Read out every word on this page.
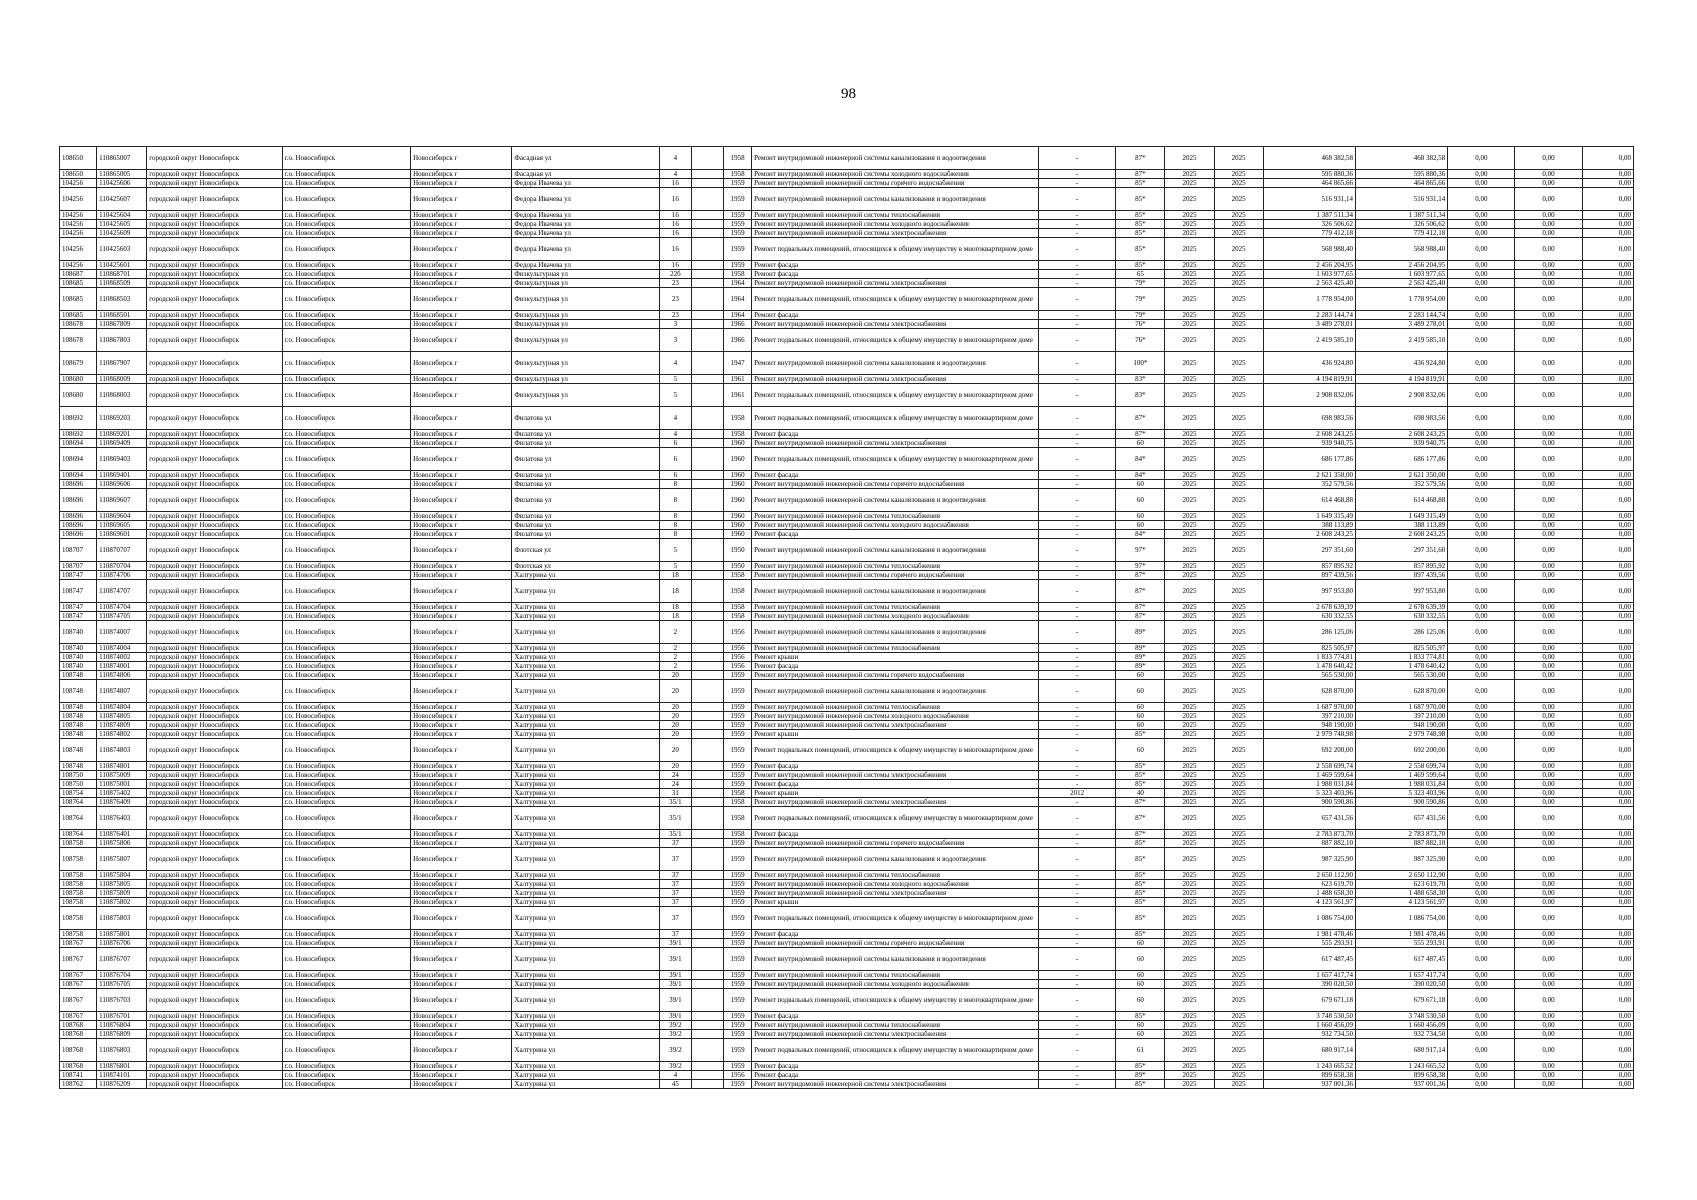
98
108650	110865007	городской округ Новосибирск	г.о. Новосибирск	Новосибирск г	Фасадная ул	4		1958	Ремонт внутридомовой инженерной системы канализования и водоотведения	-	87*	2025	2025	468 382,58	468 382,58	0,00	0,00	0,00
108650	110865005	городской округ Новосибирск	г.о. Новосибирск	Новосибирск г	Фасадная ул	4		1958	Ремонт внутридомовой инженерной системы холодного водоснабжения	-	87*	2025	2025	595 880,36	595 880,36	0,00	0,00	0,00
104256	110425606	городской округ Новосибирск	г.о. Новосибирск	Новосибирск г	Федора Ивачева ул	16		1959	Ремонт внутридомовой инженерной системы горячего водоснабжения	-	85*	2025	2025	464 865,66	464 865,66	0,00	0,00	0,00
104256	110425607	городской округ Новосибирск	г.о. Новосибирск	Новосибирск г	Федора Ивачева ул	16		1959	Ремонт внутридомовой инженерной системы канализования и водоотведения	-	85*	2025	2025	516 931,14	516 931,14	0,00	0,00	0,00
104256	110425604	городской округ Новосибирск	г.о. Новосибирск	Новосибирск г	Федора Ивачева ул	16		1959	Ремонт внутридомовой инженерной системы теплоснабжения	-	85*	2025	2025	1 387 511,34	1 387 511,34	0,00	0,00	0,00
104256	110425605	городской округ Новосибирск	г.о. Новосибирск	Новосибирск г	Федора Ивачева ул	16		1959	Ремонт внутридомовой инженерной системы холодного водоснабжения	-	85*	2025	2025	326 506,62	326 506,62	0,00	0,00	0,00
104256	110425609	городской округ Новосибирск	г.о. Новосибирск	Новосибирск г	Федора Ивачева ул	16		1959	Ремонт внутридомовой инженерной системы электроснабжения	-	85*	2025	2025	779 412,18	779 412,18	0,00	0,00	0,00
104256	110425603	городской округ Новосибирск	г.о. Новосибирск	Новосибирск г	Федора Ивачева ул	16		1959	Ремонт подвальных помещений, относящихся к общему имуществу в многоквартирном доме	-	85*	2025	2025	568 988,40	568 988,40	0,00	0,00	0,00
104256	110425601	городской округ Новосибирск	г.о. Новосибирск	Новосибирск г	Федора Ивачева ул	16		1959	Ремонт фасада	-	85*	2025	2025	2 456 204,95	2 456 204,95	0,00	0,00	0,00
108687	110868701	городской округ Новосибирск	г.о. Новосибирск	Новосибирск г	Физкультурная ул	22б		1958	Ремонт фасада	-	65	2025	2025	1 603 977,65	1 603 977,65	0,00	0,00	0,00
108685	110868509	городской округ Новосибирск	г.о. Новосибирск	Новосибирск г	Физкультурная ул	23		1964	Ремонт внутридомовой инженерной системы электроснабжения	-	79*	2025	2025	2 563 425,40	2 563 425,40	0,00	0,00	0,00
108685	110868503	городской округ Новосибирск	г.о. Новосибирск	Новосибирск г	Физкультурная ул	23		1964	Ремонт подвальных помещений, относящихся к общему имуществу в многоквартирном доме	-	79*	2025	2025	1 778 954,00	1 778 954,00	0,00	0,00	0,00
108685	110868501	городской округ Новосибирск	г.о. Новосибирск	Новосибирск г	Физкультурная ул	23		1964	Ремонт фасада	-	79*	2025	2025	2 283 144,74	2 283 144,74	0,00	0,00	0,00
108678	110867809	городской округ Новосибирск	г.о. Новосибирск	Новосибирск г	Физкультурная ул	3		1966	Ремонт внутридомовой инженерной системы электроснабжения	-	76*	2025	2025	3 489 278,01	3 489 278,01	0,00	0,00	0,00
108678	110867803	городской округ Новосибирск	г.о. Новосибирск	Новосибирск г	Физкультурная ул	3		1966	Ремонт подвальных помещений, относящихся к общему имуществу в многоквартирном доме	-	76*	2025	2025	2 419 585,10	2 419 585,10	0,00	0,00	0,00
108679	110867907	городской округ Новосибирск	г.о. Новосибирск	Новосибирск г	Физкультурная ул	4		1947	Ремонт внутридомовой инженерной системы канализования и водоотведения	-	100*	2025	2025	436 924,80	436 924,80	0,00	0,00	0,00
108680	110868009	городской округ Новосибирск	г.о. Новосибирск	Новосибирск г	Физкультурная ул	5		1961	Ремонт внутридомовой инженерной системы электроснабжения	-	83*	2025	2025	4 194 819,91	4 194 819,91	0,00	0,00	0,00
108680	110868003	городской округ Новосибирск	г.о. Новосибирск	Новосибирск г	Физкультурная ул	5		1961	Ремонт подвальных помещений, относящихся к общему имуществу в многоквартирном доме	-	83*	2025	2025	2 908 832,06	2 908 832,06	0,00	0,00	0,00
108692	110869203	городской округ Новосибирск	г.о. Новосибирск	Новосибирск г	Филатова ул	4		1958	Ремонт подвальных помещений, относящихся к общему имуществу в многоквартирном доме	-	87*	2025	2025	698 983,56	698 983,56	0,00	0,00	0,00
108692	110869201	городской округ Новосибирск	г.о. Новосибирск	Новосибирск г	Филатова ул	4		1958	Ремонт фасада	-	87*	2025	2025	2 608 243,25	2 608 243,25	0,00	0,00	0,00
108694	110869409	городской округ Новосибирск	г.о. Новосибирск	Новосибирск г	Филатова ул	6		1960	Ремонт внутридомовой инженерной системы электроснабжения	-	60	2025	2025	939 940,75	939 940,75	0,00	0,00	0,00
108694	110869403	городской округ Новосибирск	г.о. Новосибирск	Новосибирск г	Филатова ул	6		1960	Ремонт подвальных помещений, относящихся к общему имуществу в многоквартирном доме	-	84*	2025	2025	686 177,86	686 177,86	0,00	0,00	0,00
108694	110869401	городской округ Новосибирск	г.о. Новосибирск	Новосибирск г	Филатова ул	6		1960	Ремонт фасада	-	84*	2025	2025	2 621 350,00	2 621 350,00	0,00	0,00	0,00
108696	110869606	городской округ Новосибирск	г.о. Новосибирск	Новосибирск г	Филатова ул	8		1960	Ремонт внутридомовой инженерной системы горячего водоснабжения	-	60	2025	2025	352 579,56	352 579,56	0,00	0,00	0,00
108696	110869607	городской округ Новосибирск	г.о. Новосибирск	Новосибирск г	Филатова ул	8		1960	Ремонт внутридомовой инженерной системы канализования и водоотведения	-	60	2025	2025	614 468,88	614 468,88	0,00	0,00	0,00
108696	110869604	городской округ Новосибирск	г.о. Новосибирск	Новосибирск г	Филатова ул	8		1960	Ремонт внутридомовой инженерной системы теплоснабжения	-	60	2025	2025	1 649 315,49	1 649 315,49	0,00	0,00	0,00
108696	110869605	городской округ Новосибирск	г.о. Новосибирск	Новосибирск г	Филатова ул	8		1960	Ремонт внутридомовой инженерной системы холодного водоснабжения	-	60	2025	2025	388 113,89	388 113,89	0,00	0,00	0,00
108696	110869601	городской округ Новосибирск	г.о. Новосибирск	Новосибирск г	Филатова ул	8		1960	Ремонт фасада	-	84*	2025	2025	2 608 243,25	2 608 243,25	0,00	0,00	0,00
108707	110870707	городской округ Новосибирск	г.о. Новосибирск	Новосибирск г	Флотская ул	5		1950	Ремонт внутридомовой инженерной системы канализования и водоотведения	-	97*	2025	2025	297 351,60	297 351,60	0,00	0,00	0,00
108707	110870704	городской округ Новосибирск	г.о. Новосибирск	Новосибирск г	Флотская ул	5		1950	Ремонт внутридомовой инженерной системы теплоснабжения	-	97*	2025	2025	857 895,92	857 895,92	0,00	0,00	0,00
108747	110874706	городской округ Новосибирск	г.о. Новосибирск	Новосибирск г	Халтурина ул	18		1958	Ремонт внутридомовой инженерной системы горячего водоснабжения	-	87*	2025	2025	897 439,56	897 439,56	0,00	0,00	0,00
108747	110874707	городской округ Новосибирск	г.о. Новосибирск	Новосибирск г	Халтурина ул	18		1958	Ремонт внутридомовой инженерной системы канализования и водоотведения	-	87*	2025	2025	997 953,80	997 953,80	0,00	0,00	0,00
108747	110874704	городской округ Новосибирск	г.о. Новосибирск	Новосибирск г	Халтурина ул	18		1958	Ремонт внутридомовой инженерной системы теплоснабжения	-	87*	2025	2025	2 678 639,39	2 678 639,39	0,00	0,00	0,00
108747	110874705	городской округ Новосибирск	г.о. Новосибирск	Новосибирск г	Халтурина ул	18		1958	Ремонт внутридомовой инженерной системы холодного водоснабжения	-	87*	2025	2025	630 332,55	630 332,55	0,00	0,00	0,00
108740	110874007	городской округ Новосибирск	г.о. Новосибирск	Новосибирск г	Халтурина ул	2		1956	Ремонт внутридомовой инженерной системы канализования и водоотведения	-	89*	2025	2025	286 125,06	286 125,06	0,00	0,00	0,00
108740	110874004	городской округ Новосибирск	г.о. Новосибирск	Новосибирск г	Халтурина ул	2		1956	Ремонт внутридомовой инженерной системы теплоснабжения	-	89*	2025	2025	825 505,97	825 505,97	0,00	0,00	0,00
108740	110874002	городской округ Новосибирск	г.о. Новосибирск	Новосибирск г	Халтурина ул	2		1956	Ремонт крыши	-	89*	2025	2025	1 833 774,81	1 833 774,81	0,00	0,00	0,00
108740	110874001	городской округ Новосибирск	г.о. Новосибирск	Новосибирск г	Халтурина ул	2		1956	Ремонт фасада	-	89*	2025	2025	1 478 640,42	1 478 640,42	0,00	0,00	0,00
108748	110874806	городской округ Новосибирск	г.о. Новосибирск	Новосибирск г	Халтурина ул	20		1959	Ремонт внутридомовой инженерной системы горячего водоснабжения	-	60	2025	2025	565 530,00	565 530,00	0,00	0,00	0,00
108748	110874807	городской округ Новосибирск	г.о. Новосибирск	Новосибирск г	Халтурина ул	20		1959	Ремонт внутридомовой инженерной системы канализования и водоотведения	-	60	2025	2025	628 870,00	628 870,00	0,00	0,00	0,00
108748	110874804	городской округ Новосибирск	г.о. Новосибирск	Новосибирск г	Халтурина ул	20		1959	Ремонт внутридомовой инженерной системы теплоснабжения	-	60	2025	2025	1 687 970,00	1 687 970,00	0,00	0,00	0,00
108748	110874805	городской округ Новосибирск	г.о. Новосибирск	Новосибирск г	Халтурина ул	20		1959	Ремонт внутридомовой инженерной системы холодного водоснабжения	-	60	2025	2025	397 210,00	397 210,00	0,00	0,00	0,00
108748	110874809	городской округ Новосибирск	г.о. Новосибирск	Новосибирск г	Халтурина ул	20		1959	Ремонт внутридомовой инженерной системы электроснабжения	-	60	2025	2025	948 190,00	948 190,00	0,00	0,00	0,00
108748	110874802	городской округ Новосибирск	г.о. Новосибирск	Новосибирск г	Халтурина ул	20		1959	Ремонт крыши	-	85*	2025	2025	2 979 748,98	2 979 748,98	0,00	0,00	0,00
108748	110874803	городской округ Новосибирск	г.о. Новосибирск	Новосибирск г	Халтурина ул	20		1959	Ремонт подвальных помещений, относящихся к общему имуществу в многоквартирном доме	-	60	2025	2025	692 200,00	692 200,00	0,00	0,00	0,00
108748	110874801	городской округ Новосибирск	г.о. Новосибирск	Новосибирск г	Халтурина ул	20		1959	Ремонт фасада	-	85*	2025	2025	2 558 699,74	2 558 699,74	0,00	0,00	0,00
108750	110875009	городской округ Новосибирск	г.о. Новосибирск	Новосибирск г	Халтурина ул	24		1959	Ремонт внутридомовой инженерной системы электроснабжения	-	85*	2025	2025	1 469 599,64	1 469 599,64	0,00	0,00	0,00
108750	110875001	городской округ Новосибирск	г.о. Новосибирск	Новосибирск г	Халтурина ул	24		1959	Ремонт фасада	-	85*	2025	2025	1 988 031,84	1 988 031,84	0,00	0,00	0,00
108754	110875402	городской округ Новосибирск	г.о. Новосибирск	Новосибирск г	Халтурина ул	31		1958	Ремонт крыши	2012	40	2025	2025	5 323 403,96	5 323 403,96	0,00	0,00	0,00
108764	110876409	городской округ Новосибирск	г.о. Новосибирск	Новосибирск г	Халтурина ул	35/1		1958	Ремонт внутридомовой инженерной системы электроснабжения	-	87*	2025	2025	900 590,86	900 590,86	0,00	0,00	0,00
108764	110876403	городской округ Новосибирск	г.о. Новосибирск	Новосибирск г	Халтурина ул	35/1		1958	Ремонт подвальных помещений, относящихся к общему имуществу в многоквартирном доме	-	87*	2025	2025	657 431,56	657 431,56	0,00	0,00	0,00
108764	110876401	городской округ Новосибирск	г.о. Новосибирск	Новосибирск г	Халтурина ул	35/1		1958	Ремонт фасада	-	87*	2025	2025	2 783 873,70	2 783 873,70	0,00	0,00	0,00
108758	110875806	городской округ Новосибирск	г.о. Новосибирск	Новосибирск г	Халтурина ул	37		1959	Ремонт внутридомовой инженерной системы горячего водоснабжения	-	85*	2025	2025	887 882,10	887 882,10	0,00	0,00	0,00
108758	110875807	городской округ Новосибирск	г.о. Новосибирск	Новосибирск г	Халтурина ул	37		1959	Ремонт внутридомовой инженерной системы канализования и водоотведения	-	85*	2025	2025	987 325,90	987 325,90	0,00	0,00	0,00
108758	110875804	городской округ Новосибирск	г.о. Новосибирск	Новосибирск г	Халтурина ул	37		1959	Ремонт внутридомовой инженерной системы теплоснабжения	-	85*	2025	2025	2 650 112,90	2 650 112,90	0,00	0,00	0,00
108758	110875805	городской округ Новосибирск	г.о. Новосибирск	Новосибирск г	Халтурина ул	37		1959	Ремонт внутридомовой инженерной системы холодного водоснабжения	-	85*	2025	2025	623 619,70	623 619,70	0,00	0,00	0,00
108758	110875809	городской округ Новосибирск	г.о. Новосибирск	Новосибирск г	Халтурина ул	37		1959	Ремонт внутридомовой инженерной системы электроснабжения	-	85*	2025	2025	1 488 658,30	1 488 658,30	0,00	0,00	0,00
108758	110875802	городской округ Новосибирск	г.о. Новосибирск	Новосибирск г	Халтурина ул	37		1959	Ремонт крыши	-	85*	2025	2025	4 123 561,97	4 123 561,97	0,00	0,00	0,00
108758	110875803	городской округ Новосибирск	г.о. Новосибирск	Новосибирск г	Халтурина ул	37		1959	Ремонт подвальных помещений, относящихся к общему имуществу в многоквартирном доме	-	85*	2025	2025	1 086 754,00	1 086 754,00	0,00	0,00	0,00
108758	110875801	городской округ Новосибирск	г.о. Новосибирск	Новосибирск г	Халтурина ул	37		1959	Ремонт фасада	-	85*	2025	2025	1 981 478,46	1 981 478,46	0,00	0,00	0,00
108767	110876706	городской округ Новосибирск	г.о. Новосибирск	Новосибирск г	Халтурина ул	39/1		1959	Ремонт внутридомовой инженерной системы горячего водоснабжения	-	60	2025	2025	555 293,91	555 293,91	0,00	0,00	0,00
108767	110876707	городской округ Новосибирск	г.о. Новосибирск	Новосибирск г	Халтурина ул	39/1		1959	Ремонт внутридомовой инженерной системы канализования и водоотведения	-	60	2025	2025	617 487,45	617 487,45	0,00	0,00	0,00
108767	110876704	городской округ Новосибирск	г.о. Новосибирск	Новосибирск г	Халтурина ул	39/1		1959	Ремонт внутридомовой инженерной системы теплоснабжения	-	60	2025	2025	1 657 417,74	1 657 417,74	0,00	0,00	0,00
108767	110876705	городской округ Новосибирск	г.о. Новосибирск	Новосибирск г	Халтурина ул	39/1		1959	Ремонт внутридомовой инженерной системы холодного водоснабжения	-	60	2025	2025	390 020,50	390 020,50	0,00	0,00	0,00
108767	110876703	городской округ Новосибирск	г.о. Новосибирск	Новосибирск г	Халтурина ул	39/1		1959	Ремонт подвальных помещений, относящихся к общему имуществу в многоквартирном доме	-	60	2025	2025	679 671,18	679 671,18	0,00	0,00	0,00
108767	110876701	городской округ Новосибирск	г.о. Новосибирск	Новосибирск г	Халтурина ул	39/1		1959	Ремонт фасада	-	85*	2025	2025	3 748 530,50	3 748 530,50	0,00	0,00	0,00
108768	110876804	городской округ Новосибирск	г.о. Новосибирск	Новосибирск г	Халтурина ул	39/2		1959	Ремонт внутридомовой инженерной системы теплоснабжения	-	60	2025	2025	1 660 456,09	1 660 456,09	0,00	0,00	0,00
108768	110876809	городской округ Новосибирск	г.о. Новосибирск	Новосибирск г	Халтурина ул	39/2		1959	Ремонт внутридомовой инженерной системы электроснабжения	-	60	2025	2025	932 734,50	932 734,50	0,00	0,00	0,00
108768	110876803	городской округ Новосибирск	г.о. Новосибирск	Новосибирск г	Халтурина ул	39/2		1959	Ремонт подвальных помещений, относящихся к общему имуществу в многоквартирном доме	-	61	2025	2025	680 917,14	680 917,14	0,00	0,00	0,00
108768	110876801	городской округ Новосибирск	г.о. Новосибирск	Новосибирск г	Халтурина ул	39/2		1959	Ремонт фасада	-	85*	2025	2025	1 243 665,52	1 243 665,52	0,00	0,00	0,00
108741	110874101	городской округ Новосибирск	г.о. Новосибирск	Новосибирск г	Халтурина ул	4		1956	Ремонт фасада	-	89*	2025	2025	899 658,38	899 658,38	0,00	0,00	0,00
108762	110876209	городской округ Новосибирск	г.о. Новосибирск	Новосибирск г	Халтурина ул	45		1959	Ремонт внутридомовой инженерной системы электроснабжения	-	85*	2025	2025	937 001,36	937 001,36	0,00	0,00	0,00
